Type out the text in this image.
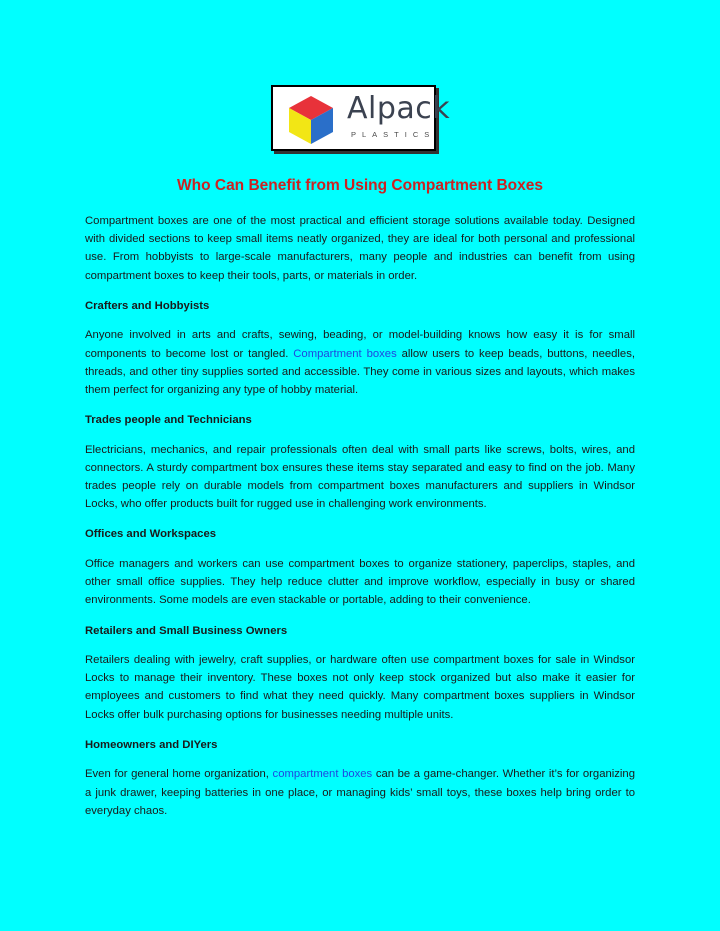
Alpack
PLASTICS
Who Can Benefit from Using Compartment Boxes

Compartment boxes are one of the most practical and efficient storage solutions available today. Designed with divided sections to keep small items neatly organized, they are ideal for both personal and professional use. From hobbyists to large-scale manufacturers, many people and industries can benefit from using compartment boxes to keep their tools, parts, or materials in order.

Crafters and Hobbyists

Anyone involved in arts and crafts, sewing, beading, or model-building knows how easy it is for small components to become lost or tangled. Compartment boxes allow users to keep beads, buttons, needles, threads, and other tiny supplies sorted and accessible. They come in various sizes and layouts, which makes them perfect for organizing any type of hobby material.

Trades people and Technicians

Electricians, mechanics, and repair professionals often deal with small parts like screws, bolts, wires, and connectors. A sturdy compartment box ensures these items stay separated and easy to find on the job. Many trades people rely on durable models from compartment boxes manufacturers and suppliers in Windsor Locks, who offer products built for rugged use in challenging work environments.

Offices and Workspaces

Office managers and workers can use compartment boxes to organize stationery, paperclips, staples, and other small office supplies. They help reduce clutter and improve workflow, especially in busy or shared environments. Some models are even stackable or portable, adding to their convenience.

Retailers and Small Business Owners

Retailers dealing with jewelry, craft supplies, or hardware often use compartment boxes for sale in Windsor Locks to manage their inventory. These boxes not only keep stock organized but also make it easier for employees and customers to find what they need quickly. Many compartment boxes suppliers in Windsor Locks offer bulk purchasing options for businesses needing multiple units.

Homeowners and DIYers

Even for general home organization, compartment boxes can be a game-changer. Whether it’s for organizing a junk drawer, keeping batteries in one place, or managing kids’ small toys, these boxes help bring order to everyday chaos.
